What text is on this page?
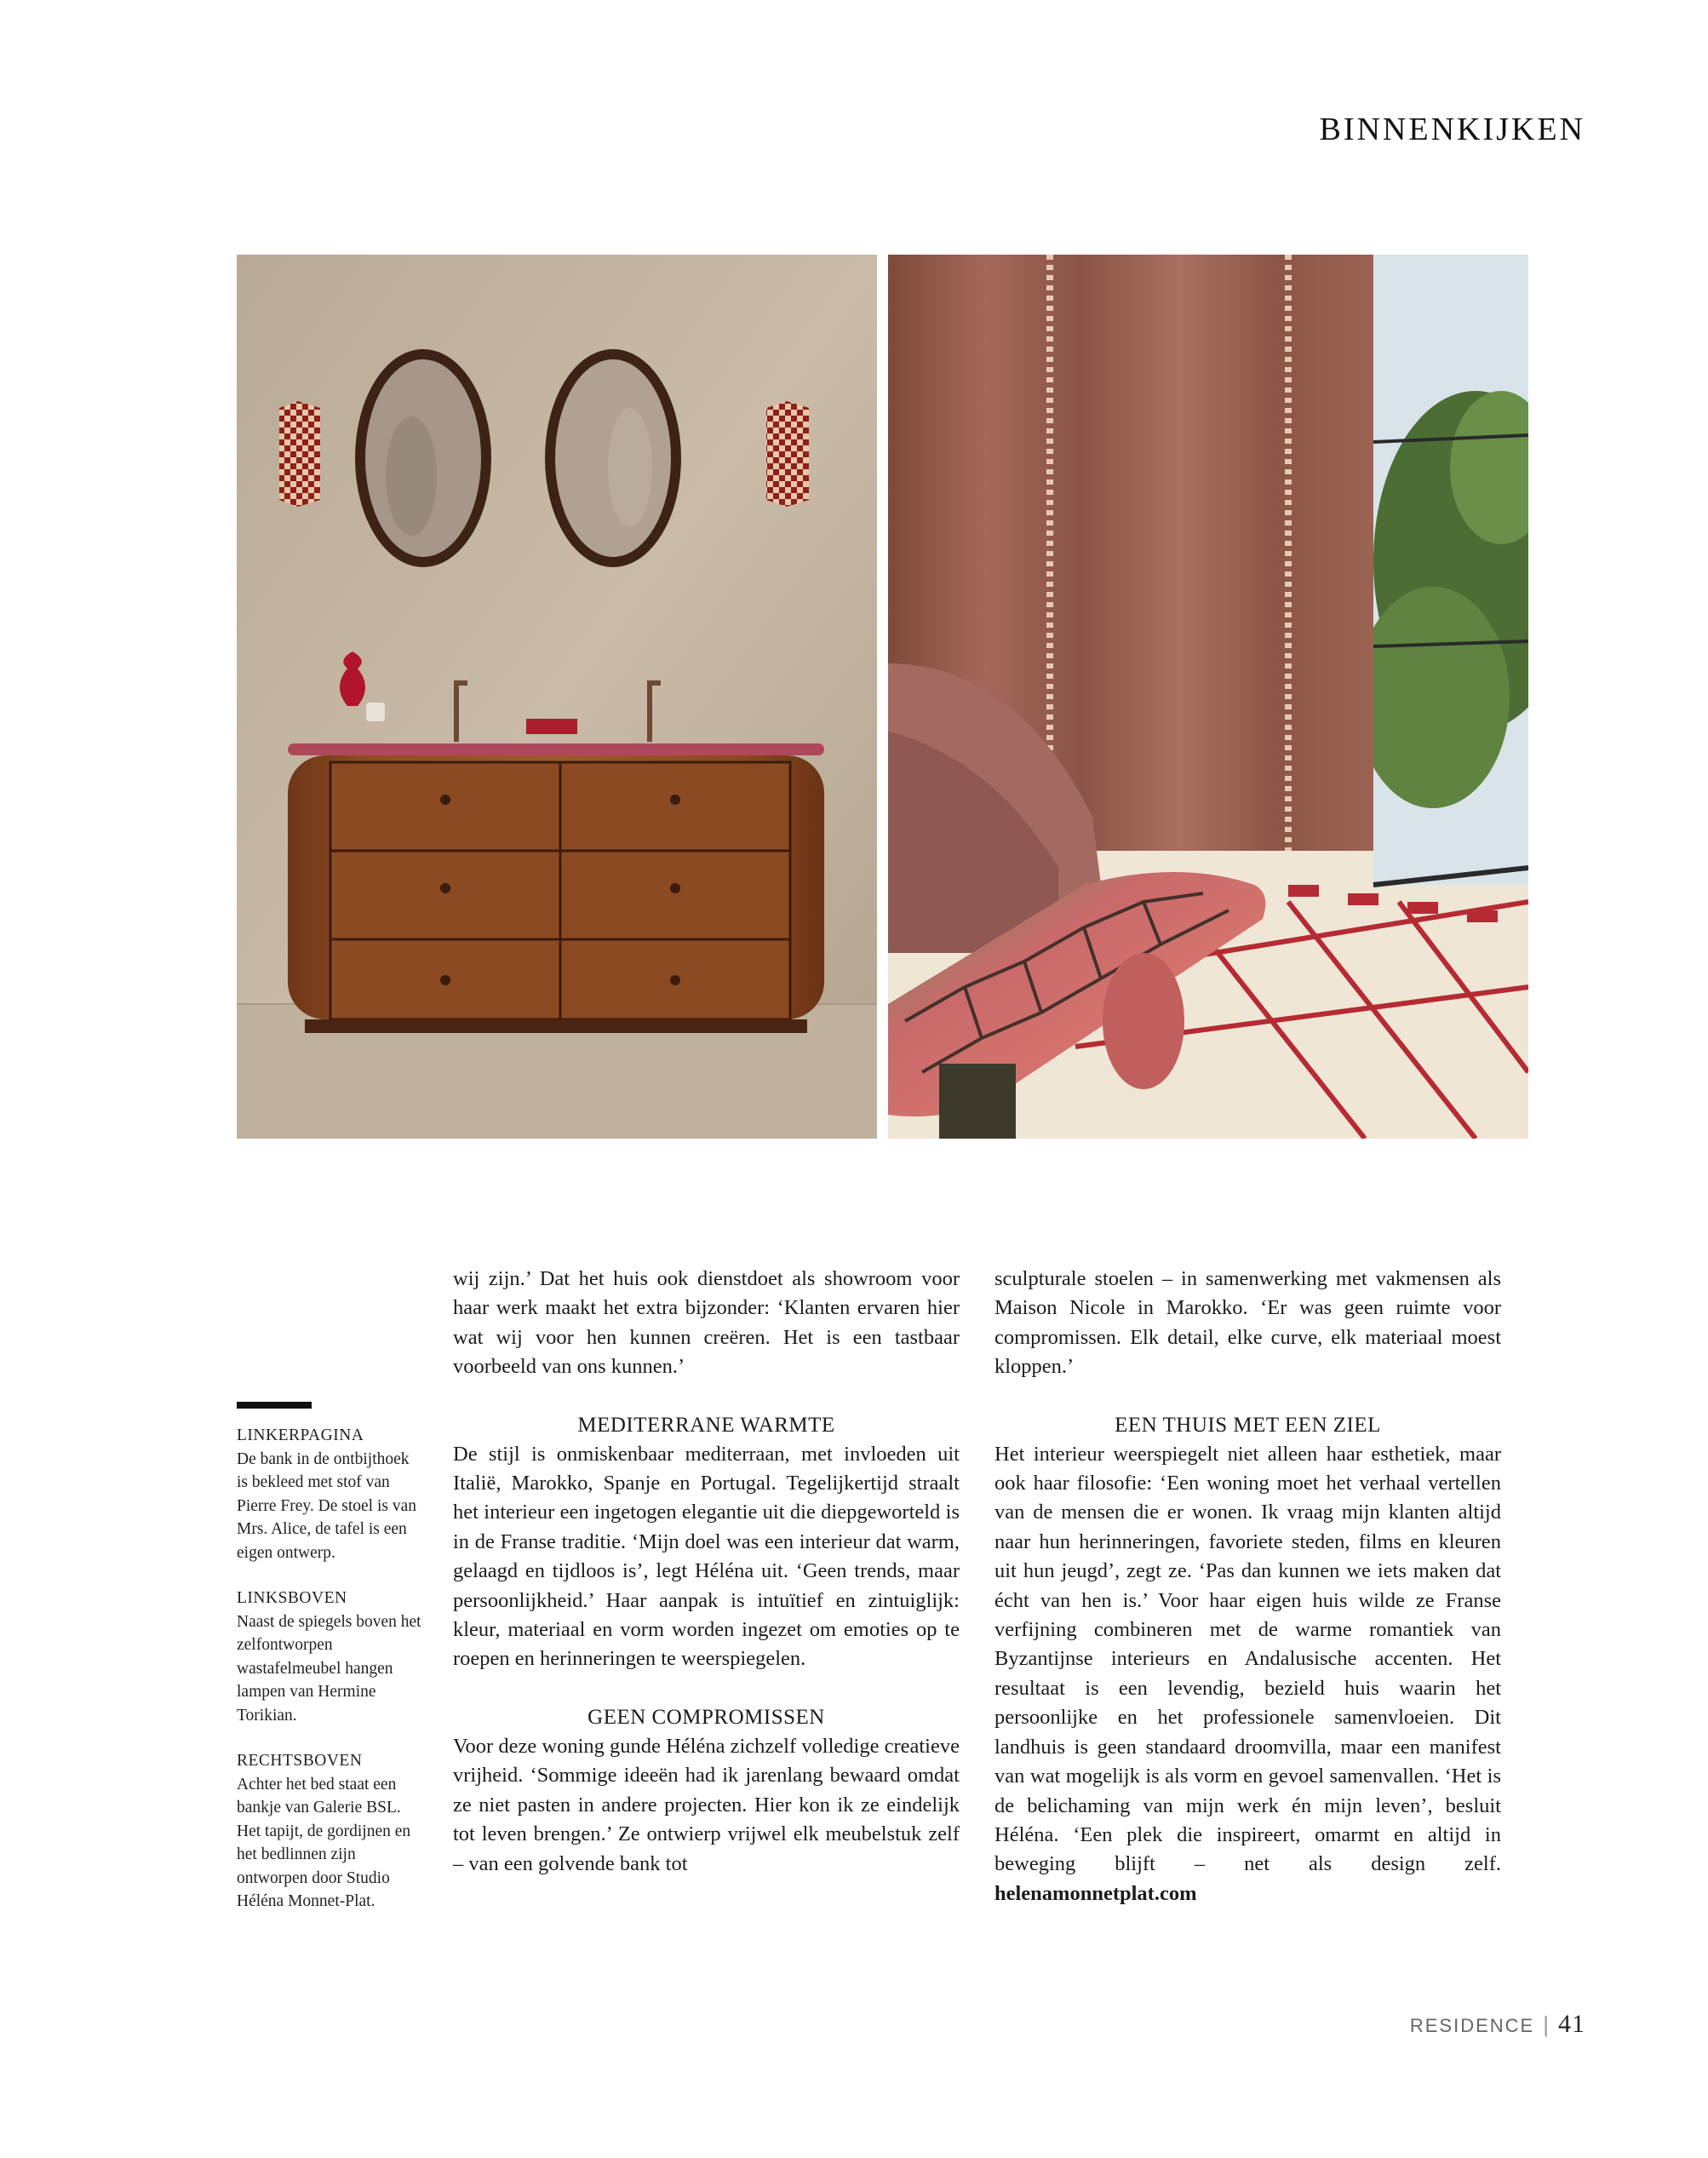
BINNENKIJKEN
LINKERPAGINA
De bank in de ontbijthoek is bekleed met stof van Pierre Frey. De stoel is van Mrs. Alice, de tafel is een eigen ontwerp.
LINKSBOVEN
Naast de spiegels boven het zelfontworpen wastafelmeubel hangen lampen van Hermine Torikian.
RECHTSBOVEN
Achter het bed staat een bankje van Galerie BSL. Het tapijt, de gordijnen en het bedlinnen zijn ontworpen door Studio Héléna Monnet-Plat.

wij zijn.’ Dat het huis ook dienstdoet als showroom voor haar werk maakt het extra bijzonder: ‘Klanten ervaren hier wat wij voor hen kunnen creëren. Het is een tastbaar voorbeeld van ons kunnen.’

MEDITERRANE WARMTE

De stijl is onmiskenbaar mediterraan, met invloeden uit Italië, Marokko, Spanje en Portugal. Tegelijkertijd straalt het interieur een ingetogen elegantie uit die diepgeworteld is in de Franse traditie. ‘Mijn doel was een interieur dat warm, gelaagd en tijdloos is’, legt Héléna uit. ‘Geen trends, maar persoonlijkheid.’ Haar aanpak is intuïtief en zintuiglijk: kleur, materiaal en vorm worden ingezet om emoties op te roepen en herinneringen te weerspiegelen.

GEEN COMPROMISSEN

Voor deze woning gunde Héléna zichzelf volledige creatieve vrijheid. ‘Sommige ideeën had ik jarenlang bewaard omdat ze niet pasten in andere projecten. Hier kon ik ze eindelijk tot leven brengen.’ Ze ontwierp vrijwel elk meubelstuk zelf – van een golvende bank tot

sculpturale stoelen – in samenwerking met vakmensen als Maison Nicole in Marokko. ‘Er was geen ruimte voor compromissen. Elk detail, elke curve, elk materiaal moest kloppen.’

EEN THUIS MET EEN ZIEL

Het interieur weerspiegelt niet alleen haar esthetiek, maar ook haar filosofie: ‘Een woning moet het verhaal vertellen van de mensen die er wonen. Ik vraag mijn klanten altijd naar hun herinneringen, favoriete steden, films en kleuren uit hun jeugd’, zegt ze. ‘Pas dan kunnen we iets maken dat écht van hen is.’ Voor haar eigen huis wilde ze Franse verfijning combineren met de warme romantiek van Byzantijnse interieurs en Andalusische accenten. Het resultaat is een levendig, bezield huis waarin het persoonlijke en het professionele samenvloeien. Dit landhuis is geen standaard droomvilla, maar een manifest van wat mogelijk is als vorm en gevoel samenvallen. ‘Het is de belichaming van mijn werk én mijn leven’, besluit Héléna. ‘Een plek die inspireert, omarmt en altijd in beweging blijft – net als design zelf. helenamonnetplat.com

RESIDENCE | 41
